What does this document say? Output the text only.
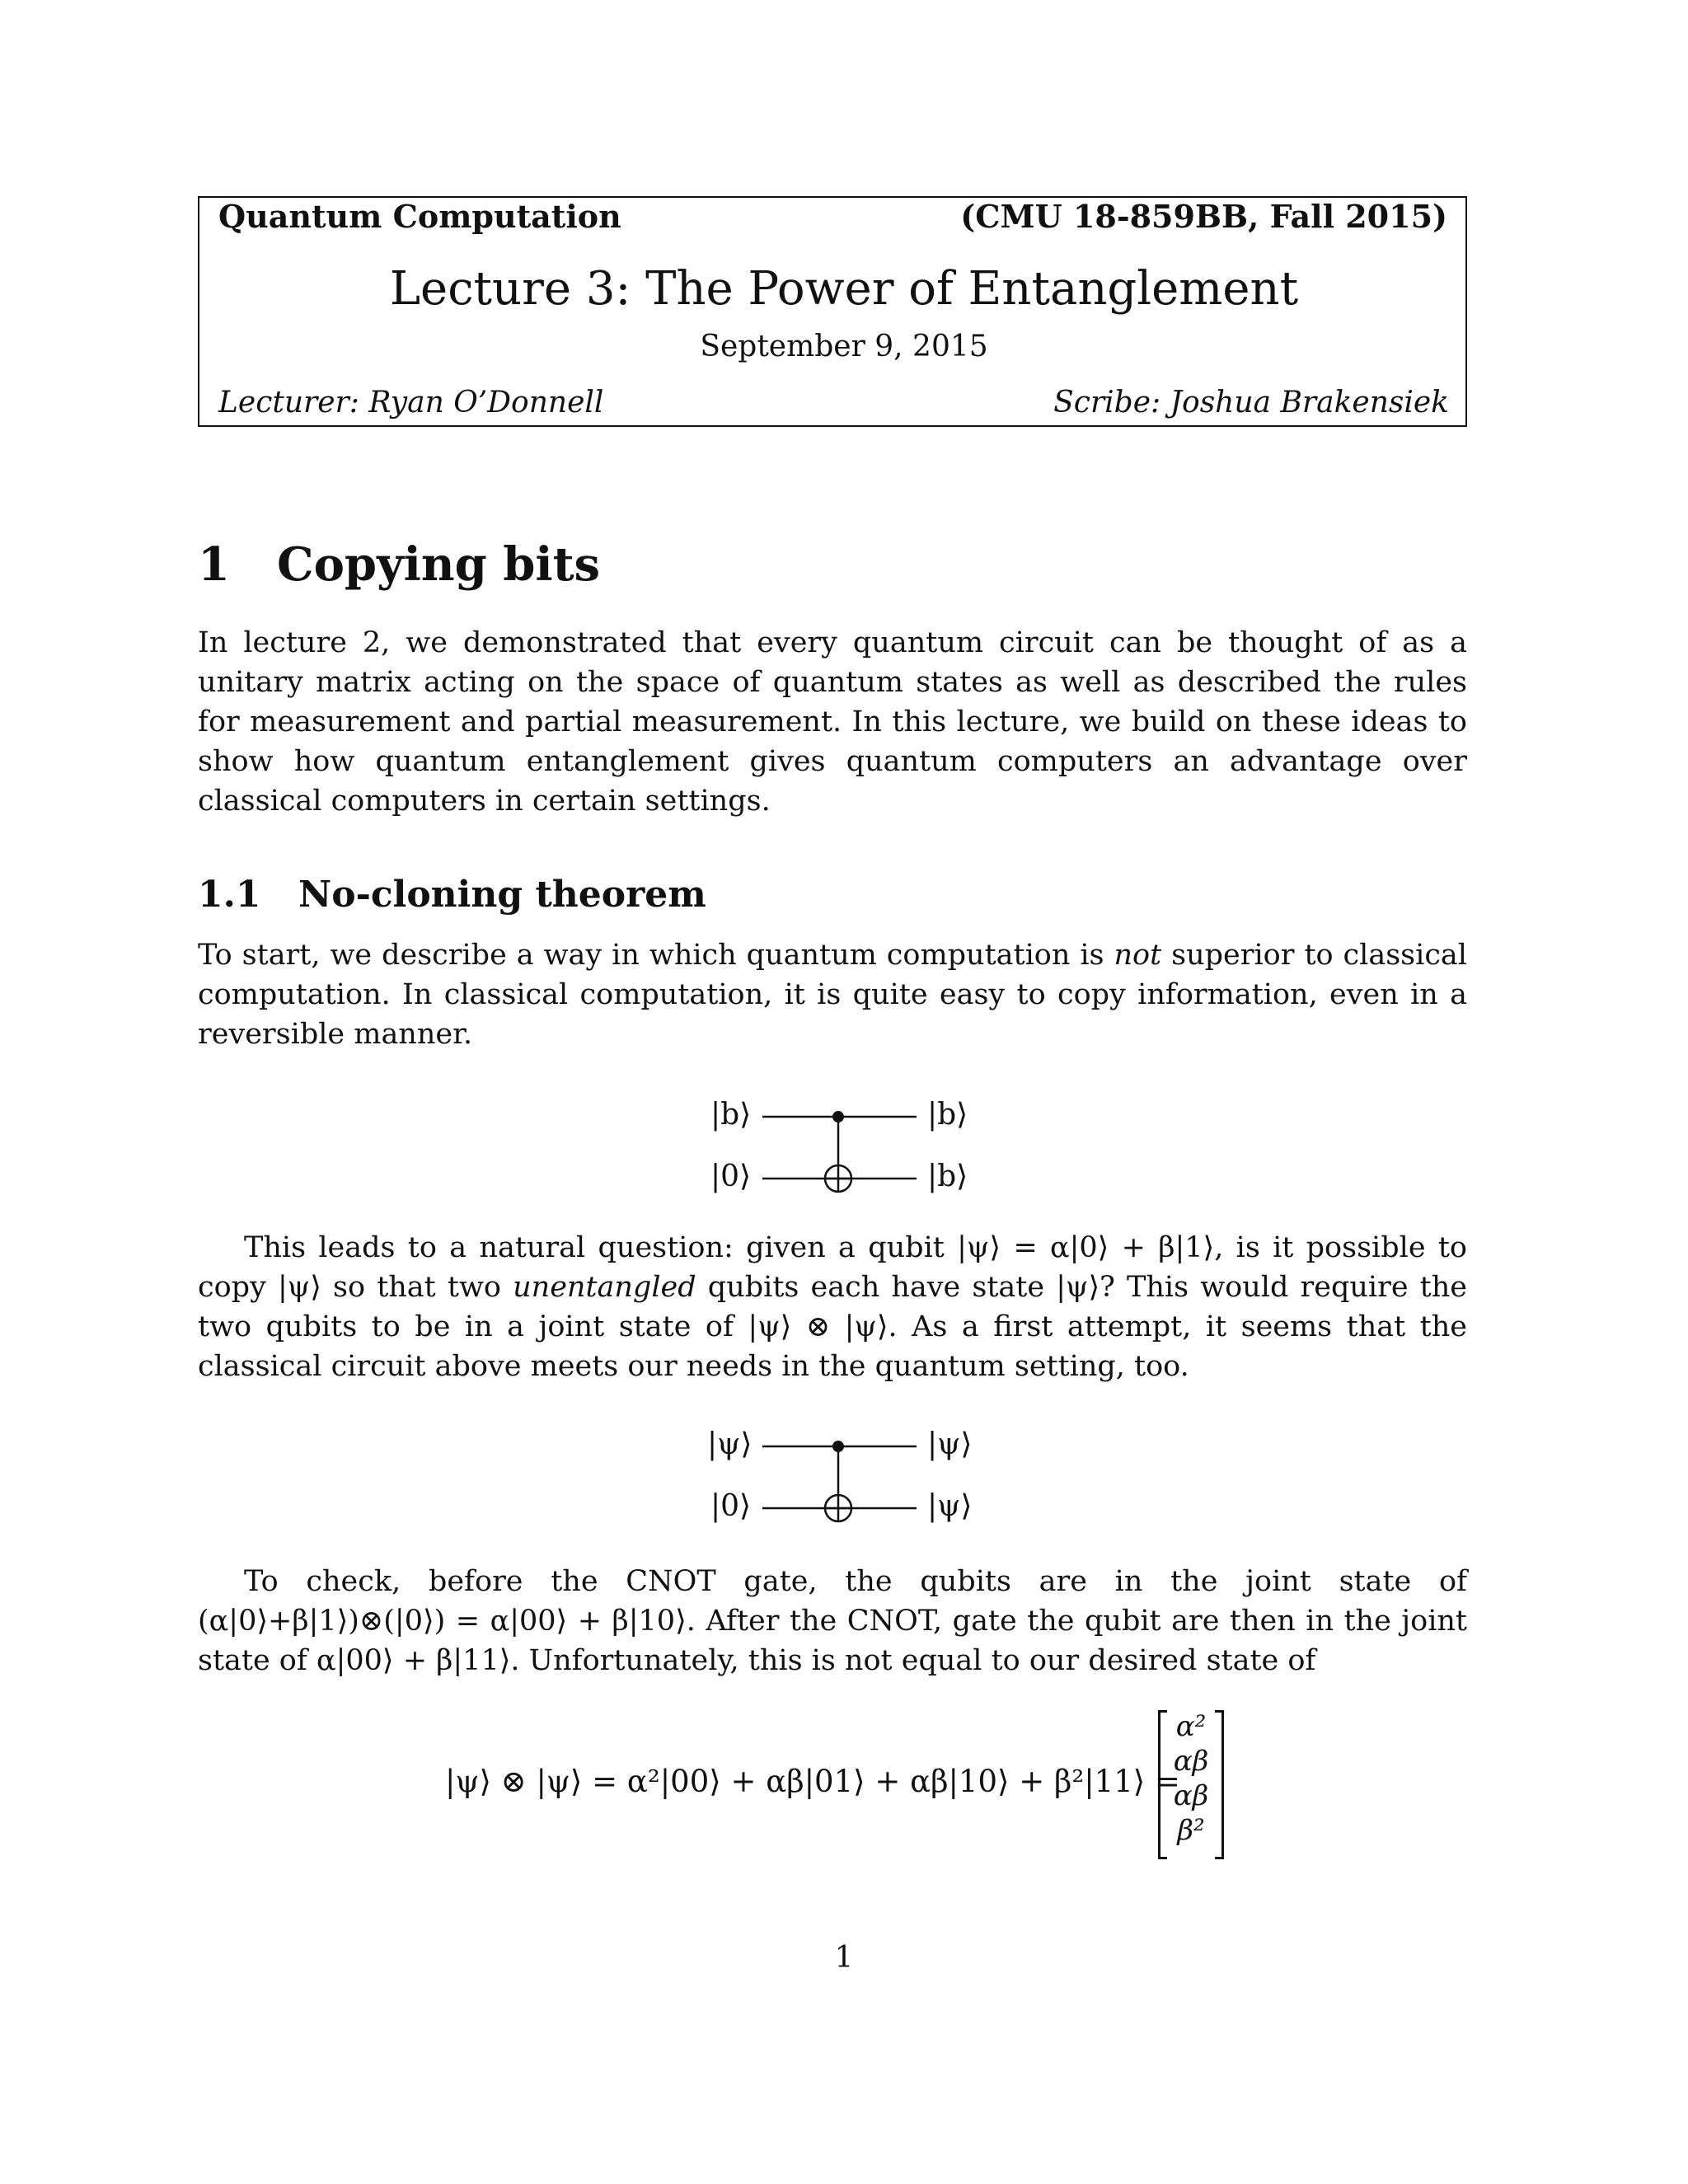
Quantum Computation	(CMU 18-859BB, Fall 2015)
Lecture 3: The Power of Entanglement
September 9, 2015
Lecturer: Ryan O’Donnell	Scribe: Joshua Brakensiek
1 Copying bits
In lecture 2, we demonstrated that every quantum circuit can be thought of as a unitary matrix acting on the space of quantum states as well as described the rules for measurement and partial measurement. In this lecture, we build on these ideas to show how quantum entanglement gives quantum computers an advantage over classical computers in certain settings.
1.1 No-cloning theorem
To start, we describe a way in which quantum computation is not superior to classical computation. In classical computation, it is quite easy to copy information, even in a reversible manner.
|b⟩
|0⟩
|b⟩
|b⟩
This leads to a natural question: given a qubit |ψ⟩ = α|0⟩ + β|1⟩, is it possible to copy |ψ⟩ so that two unentangled qubits each have state |ψ⟩? This would require the two qubits to be in a joint state of |ψ⟩ ⊗ |ψ⟩. As a first attempt, it seems that the classical circuit above meets our needs in the quantum setting, too.
|ψ⟩
|0⟩
|ψ⟩
|ψ⟩
To check, before the CNOT gate, the qubits are in the joint state of (α|0⟩+β|1⟩)⊗(|0⟩) = α|00⟩ + β|10⟩. After the CNOT, gate the qubit are then in the joint state of α|00⟩ + β|11⟩. Unfortunately, this is not equal to our desired state of
|ψ⟩ ⊗ |ψ⟩ = α²|00⟩ + αβ|01⟩ + αβ|10⟩ + β²|11⟩ =
α²
αβ
αβ
β²
1
